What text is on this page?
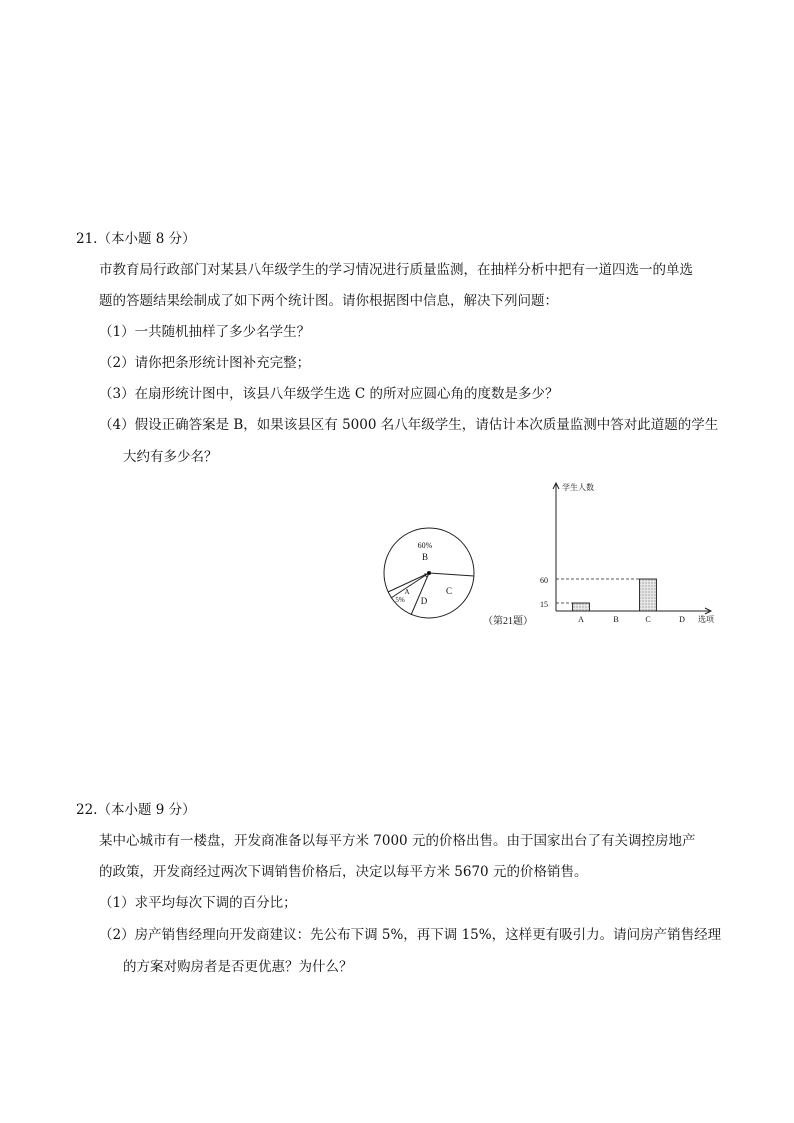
21.（本小题 8 分）
市教育局行政部门对某县八年级学生的学习情况进行质量监测，在抽样分析中把有一道四选一的单选
题的答题结果绘制成了如下两个统计图。请你根据图中信息，解决下列问题：
（1）一共随机抽样了多少名学生？
（2）请你把条形统计图补充完整；
（3）在扇形统计图中，该县八年级学生选 C 的所对应圆心角的度数是多少？
（4）假设正确答案是 B，如果该县区有 5000 名八年级学生，请估计本次质量监测中答对此道题的学生
大约有多少名？
60%
B
C
D
A
5%
（第21题）
学生人数
选项
60
15
A	B	C	D
22.（本小题 9 分）
某中心城市有一楼盘，开发商准备以每平方米 7000 元的价格出售。由于国家出台了有关调控房地产
的政策，开发商经过两次下调销售价格后，决定以每平方米 5670 元的价格销售。
（1）求平均每次下调的百分比；
（2）房产销售经理向开发商建议：先公布下调 5%，再下调 15%，这样更有吸引力。请问房产销售经理
的方案对购房者是否更优惠？为什么？
